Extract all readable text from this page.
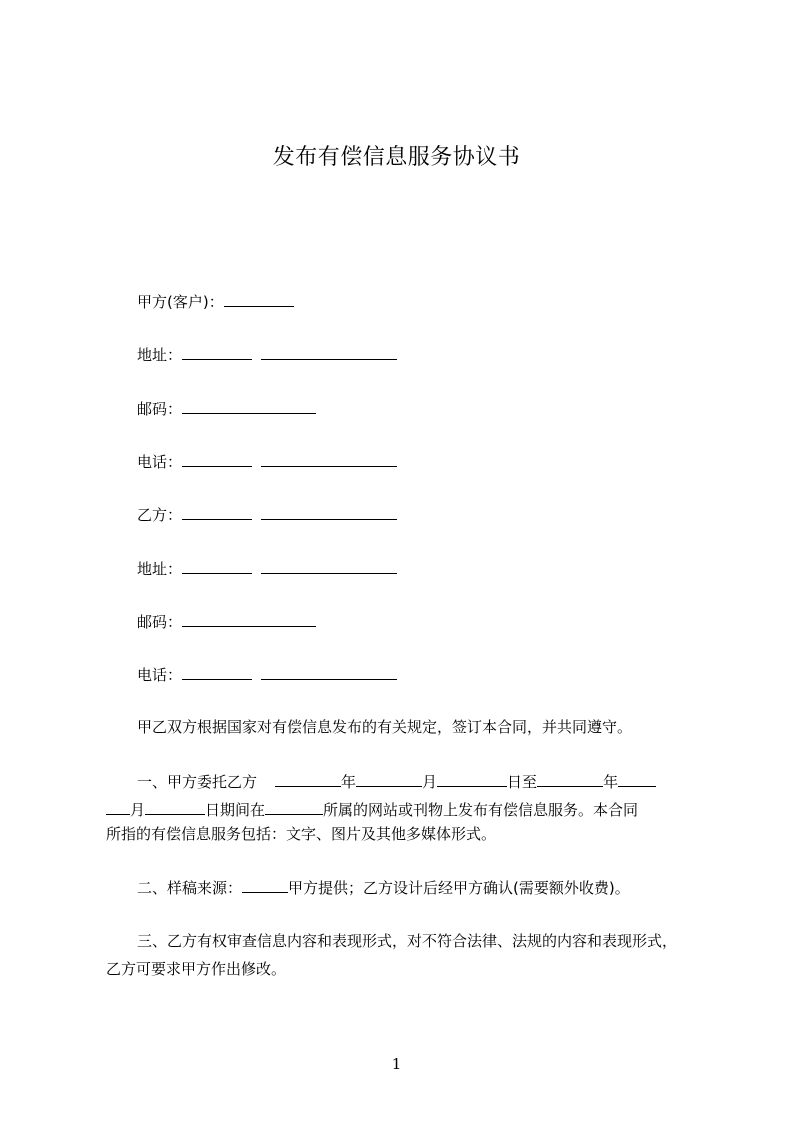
发布有偿信息服务协议书
甲方(客户)：
地址：
邮码：
电话：
乙方：
地址：
邮码：
电话：
甲乙双方根据国家对有偿信息发布的有关规定，签订本合同，并共同遵守。
一、甲方委托乙方	年	月	日至	年
月	日期间在	所属的网站或刊物上发布有偿信息服务。本合同
所指的有偿信息服务包括：文字、图片及其他多媒体形式。
二、样稿来源：	甲方提供；乙方设计后经甲方确认(需要额外收费)。
三、乙方有权审查信息内容和表现形式，对不符合法律、法规的内容和表现形式，
乙方可要求甲方作出修改。
1
